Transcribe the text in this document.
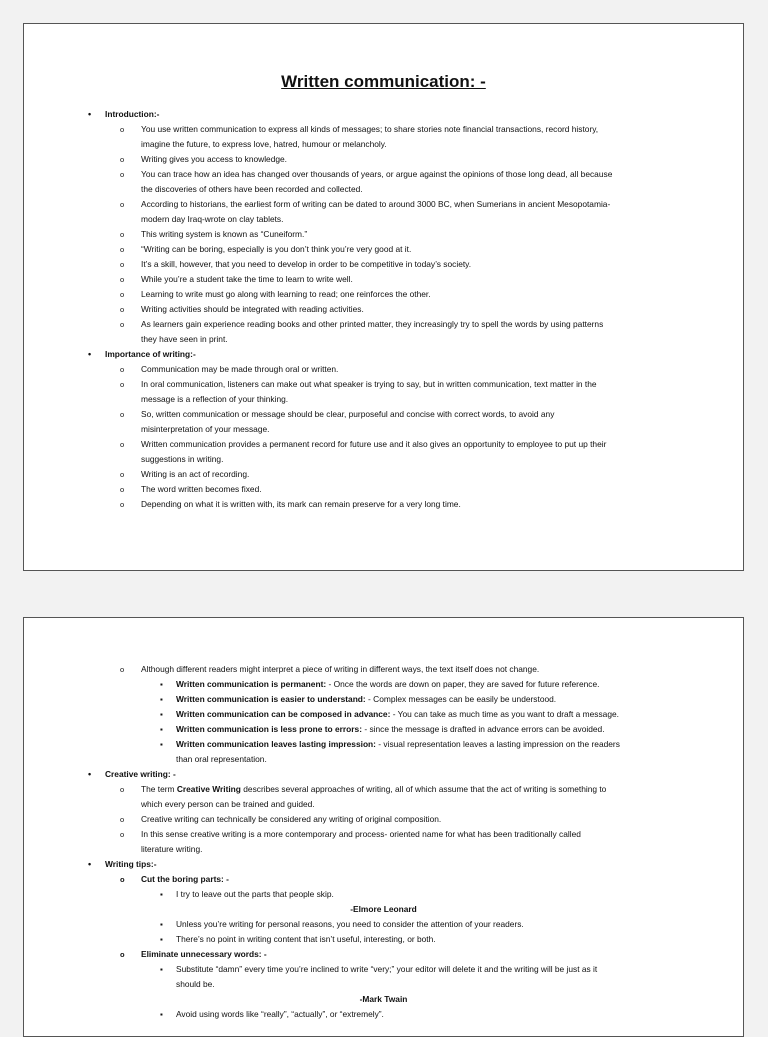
Written communication: -
• Introduction:-
o You use written communication to express all kinds of messages; to share stories note financial transactions, record history,
imagine the future, to express love, hatred, humour or melancholy.
o Writing gives you access to knowledge.
o You can trace how an idea has changed over thousands of years, or argue against the opinions of those long dead, all because
the discoveries of others have been recorded and collected.
o According to historians, the earliest form of writing can be dated to around 3000 BC, when Sumerians in ancient Mesopotamia-
modern day Iraq-wrote on clay tablets.
o This writing system is known as “Cuneiform.”
o “Writing can be boring, especially is you don’t think you’re very good at it.
o It’s a skill, however, that you need to develop in order to be competitive in today’s society.
o While you’re a student take the time to learn to write well.
o Learning to write must go along with learning to read; one reinforces the other.
o Writing activities should be integrated with reading activities.
o As learners gain experience reading books and other printed matter, they increasingly try to spell the words by using patterns
they have seen in print.
• Importance of writing:-
o Communication may be made through oral or written.
o In oral communication, listeners can make out what speaker is trying to say, but in written communication, text matter in the
message is a reflection of your thinking.
o So, written communication or message should be clear, purposeful and concise with correct words, to avoid any
misinterpretation of your message.
o Written communication provides a permanent record for future use and it also gives an opportunity to employee to put up their
suggestions in writing.
o Writing is an act of recording.
o The word written becomes fixed.
o Depending on what it is written with, its mark can remain preserve for a very long time.
o Although different readers might interpret a piece of writing in different ways, the text itself does not change.
▪ Written communication is permanent: - Once the words are down on paper, they are saved for future reference.
▪ Written communication is easier to understand: - Complex messages can be easily be understood.
▪ Written communication can be composed in advance: - You can take as much time as you want to draft a message.
▪ Written communication is less prone to errors: - since the message is drafted in advance errors can be avoided.
▪ Written communication leaves lasting impression: - visual representation leaves a lasting impression on the readers
than oral representation.
• Creative writing: -
o The term Creative Writing describes several approaches of writing, all of which assume that the act of writing is something to
which every person can be trained and guided.
o Creative writing can technically be considered any writing of original composition.
o In this sense creative writing is a more contemporary and process- oriented name for what has been traditionally called
literature writing.
• Writing tips:-
o Cut the boring parts: -
▪ I try to leave out the parts that people skip.
-Elmore Leonard
▪ Unless you’re writing for personal reasons, you need to consider the attention of your readers.
▪ There’s no point in writing content that isn’t useful, interesting, or both.
o Eliminate unnecessary words: -
▪ Substitute “damn” every time you’re inclined to write “very;” your editor will delete it and the writing will be just as it
should be.
-Mark Twain
▪ Avoid using words like “really”, “actually”, or “extremely”.
